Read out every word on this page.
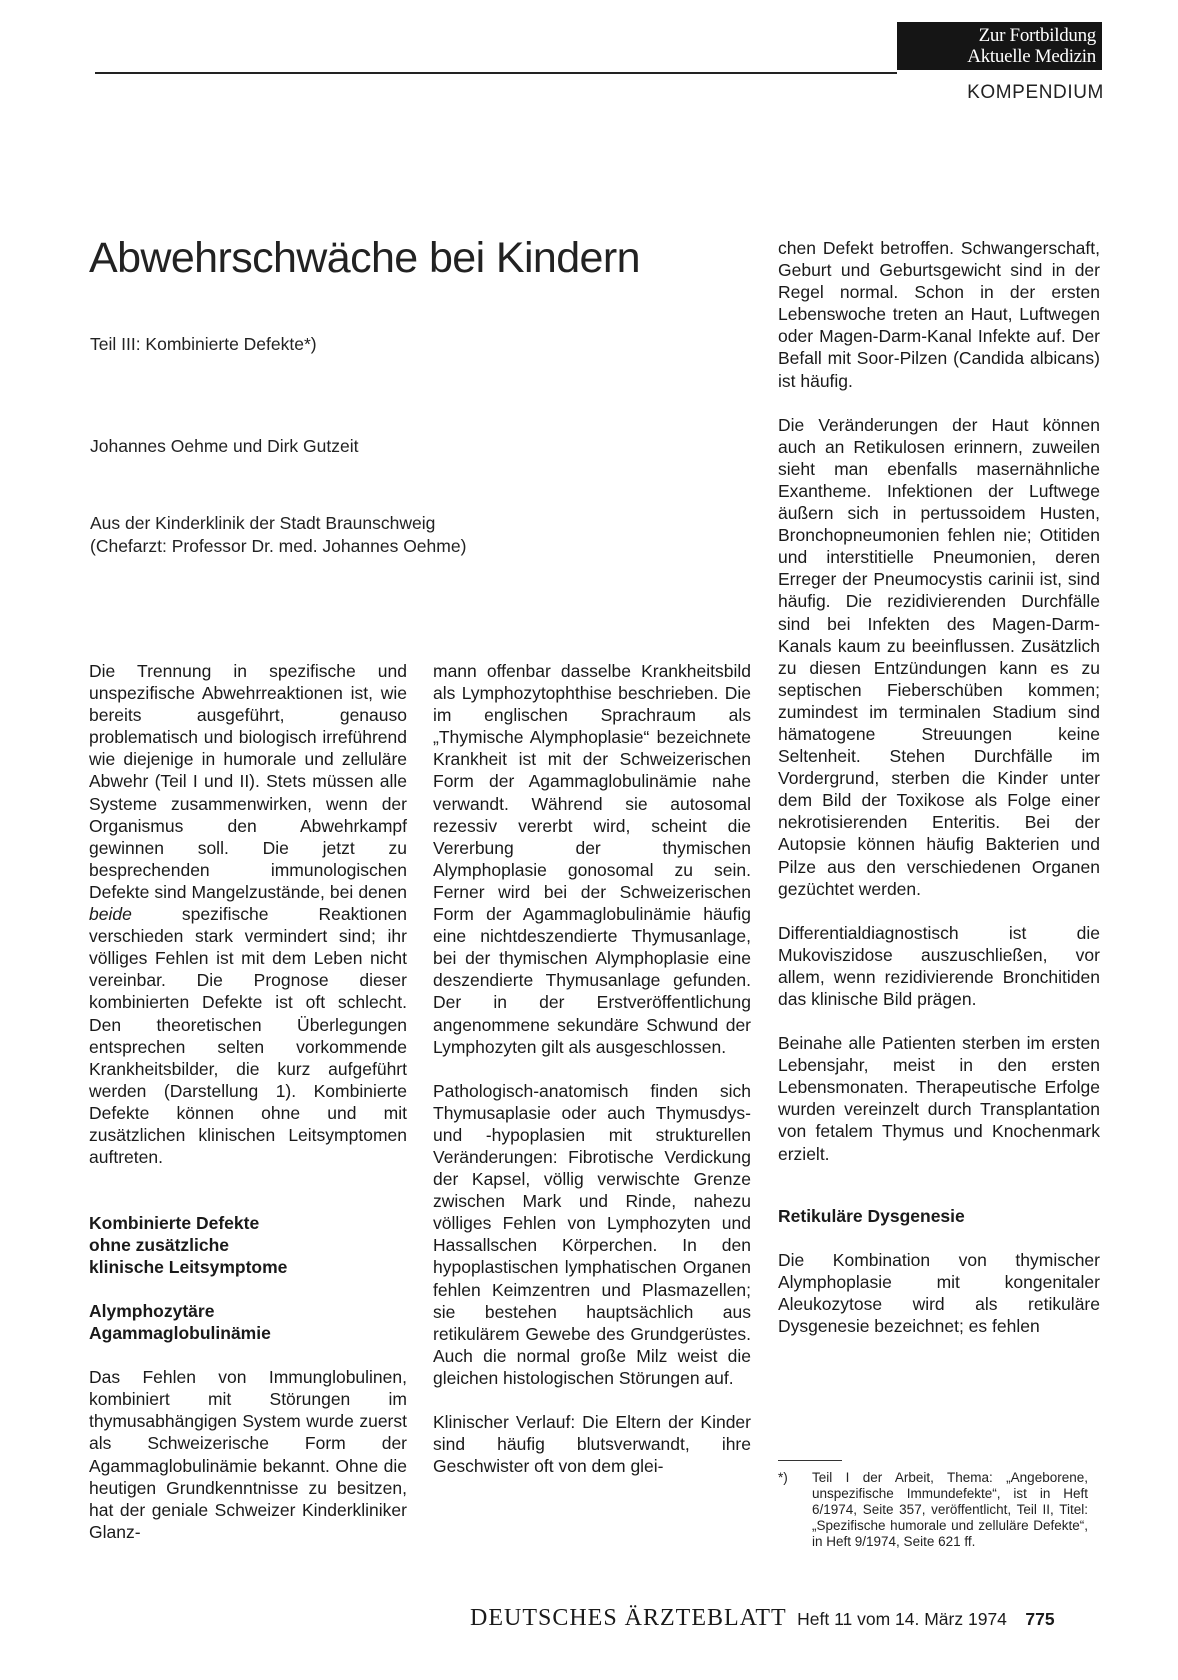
Zur Fortbildung
Aktuelle Medizin
KOMPENDIUM
Abwehrschwäche bei Kindern
Teil III: Kombinierte Defekte*)
Johannes Oehme und Dirk Gutzeit
Aus der Kinderklinik der Stadt Braunschweig
(Chefarzt: Professor Dr. med. Johannes Oehme)

Die Trennung in spezifische und unspezifische Abwehrreaktionen ist, wie bereits ausgeführt, genauso problematisch und biologisch irreführend wie diejenige in humorale und zelluläre Abwehr (Teil I und II). Stets müssen alle Systeme zusammenwirken, wenn der Organismus den Abwehrkampf gewinnen soll. Die jetzt zu besprechenden immunologischen Defekte sind Mangelzustände, bei denen beide spezifische Reaktionen verschieden stark vermindert sind; ihr völliges Fehlen ist mit dem Leben nicht vereinbar. Die Prognose dieser kombinierten Defekte ist oft schlecht. Den theoretischen Überlegungen entsprechen selten vorkommende Krankheitsbilder, die kurz aufgeführt werden (Darstellung 1). Kombinierte Defekte können ohne und mit zusätzlichen klinischen Leitsymptomen auftreten.

Kombinierte Defekte
ohne zusätzliche
klinische Leitsymptome
Alymphozytäre
Agammaglobulinämie

Das Fehlen von Immunglobulinen, kombiniert mit Störungen im thymusabhängigen System wurde zuerst als Schweizerische Form der Agammaglobulinämie bekannt. Ohne die heutigen Grundkenntnisse zu besitzen, hat der geniale Schweizer Kinderkliniker Glanz-

mann offenbar dasselbe Krankheitsbild als Lymphozytophthise beschrieben. Die im englischen Sprachraum als „Thymische Alymphoplasie“ bezeichnete Krankheit ist mit der Schweizerischen Form der Agammaglobulinämie nahe verwandt. Während sie autosomal rezessiv vererbt wird, scheint die Vererbung der thymischen Alymphoplasie gonosomal zu sein. Ferner wird bei der Schweizerischen Form der Agammaglobulinämie häufig eine nichtdeszendierte Thymusanlage, bei der thymischen Alymphoplasie eine deszendierte Thymusanlage gefunden. Der in der Erstveröffentlichung angenommene sekundäre Schwund der Lymphozyten gilt als ausgeschlossen.

Pathologisch-anatomisch finden sich Thymusaplasie oder auch Thymusdys- und -hypoplasien mit strukturellen Veränderungen: Fibrotische Verdickung der Kapsel, völlig verwischte Grenze zwischen Mark und Rinde, nahezu völliges Fehlen von Lymphozyten und Hassallschen Körperchen. In den hypoplastischen lymphatischen Organen fehlen Keimzentren und Plasmazellen; sie bestehen hauptsächlich aus retikulärem Gewebe des Grundgerüstes. Auch die normal große Milz weist die gleichen histologischen Störungen auf.

Klinischer Verlauf: Die Eltern der Kinder sind häufig blutsverwandt, ihre Geschwister oft von dem glei-

chen Defekt betroffen. Schwangerschaft, Geburt und Geburtsgewicht sind in der Regel normal. Schon in der ersten Lebenswoche treten an Haut, Luftwegen oder Magen-Darm-Kanal Infekte auf. Der Befall mit Soor-Pilzen (Candida albicans) ist häufig.

Die Veränderungen der Haut können auch an Retikulosen erinnern, zuweilen sieht man ebenfalls masernähnliche Exantheme. Infektionen der Luftwege äußern sich in pertussoidem Husten, Bronchopneumonien fehlen nie; Otitiden und interstitielle Pneumonien, deren Erreger der Pneumocystis carinii ist, sind häufig. Die rezidivierenden Durchfälle sind bei Infekten des Magen-Darm-Kanals kaum zu beeinflussen. Zusätzlich zu diesen Entzündungen kann es zu septischen Fieberschüben kommen; zumindest im terminalen Stadium sind hämatogene Streuungen keine Seltenheit. Stehen Durchfälle im Vordergrund, sterben die Kinder unter dem Bild der Toxikose als Folge einer nekrotisierenden Enteritis. Bei der Autopsie können häufig Bakterien und Pilze aus den verschiedenen Organen gezüchtet werden.

Differentialdiagnostisch ist die Mukoviszidose auszuschließen, vor allem, wenn rezidivierende Bronchitiden das klinische Bild prägen.

Beinahe alle Patienten sterben im ersten Lebensjahr, meist in den ersten Lebensmonaten. Therapeutische Erfolge wurden vereinzelt durch Transplantation von fetalem Thymus und Knochenmark erzielt.

Retikuläre Dysgenesie

Die Kombination von thymischer Alymphoplasie mit kongenitaler Aleukozytose wird als retikuläre Dysgenesie bezeichnet; es fehlen

*) Teil I der Arbeit, Thema: „Angeborene, unspezifische Immundefekte“, ist in Heft 6/1974, Seite 357, veröffentlicht, Teil II, Titel: „Spezifische humorale und zelluläre Defekte“, in Heft 9/1974, Seite 621 ff.
DEUTSCHES ÄRZTEBLATT Heft 11 vom 14. März 1974 775
